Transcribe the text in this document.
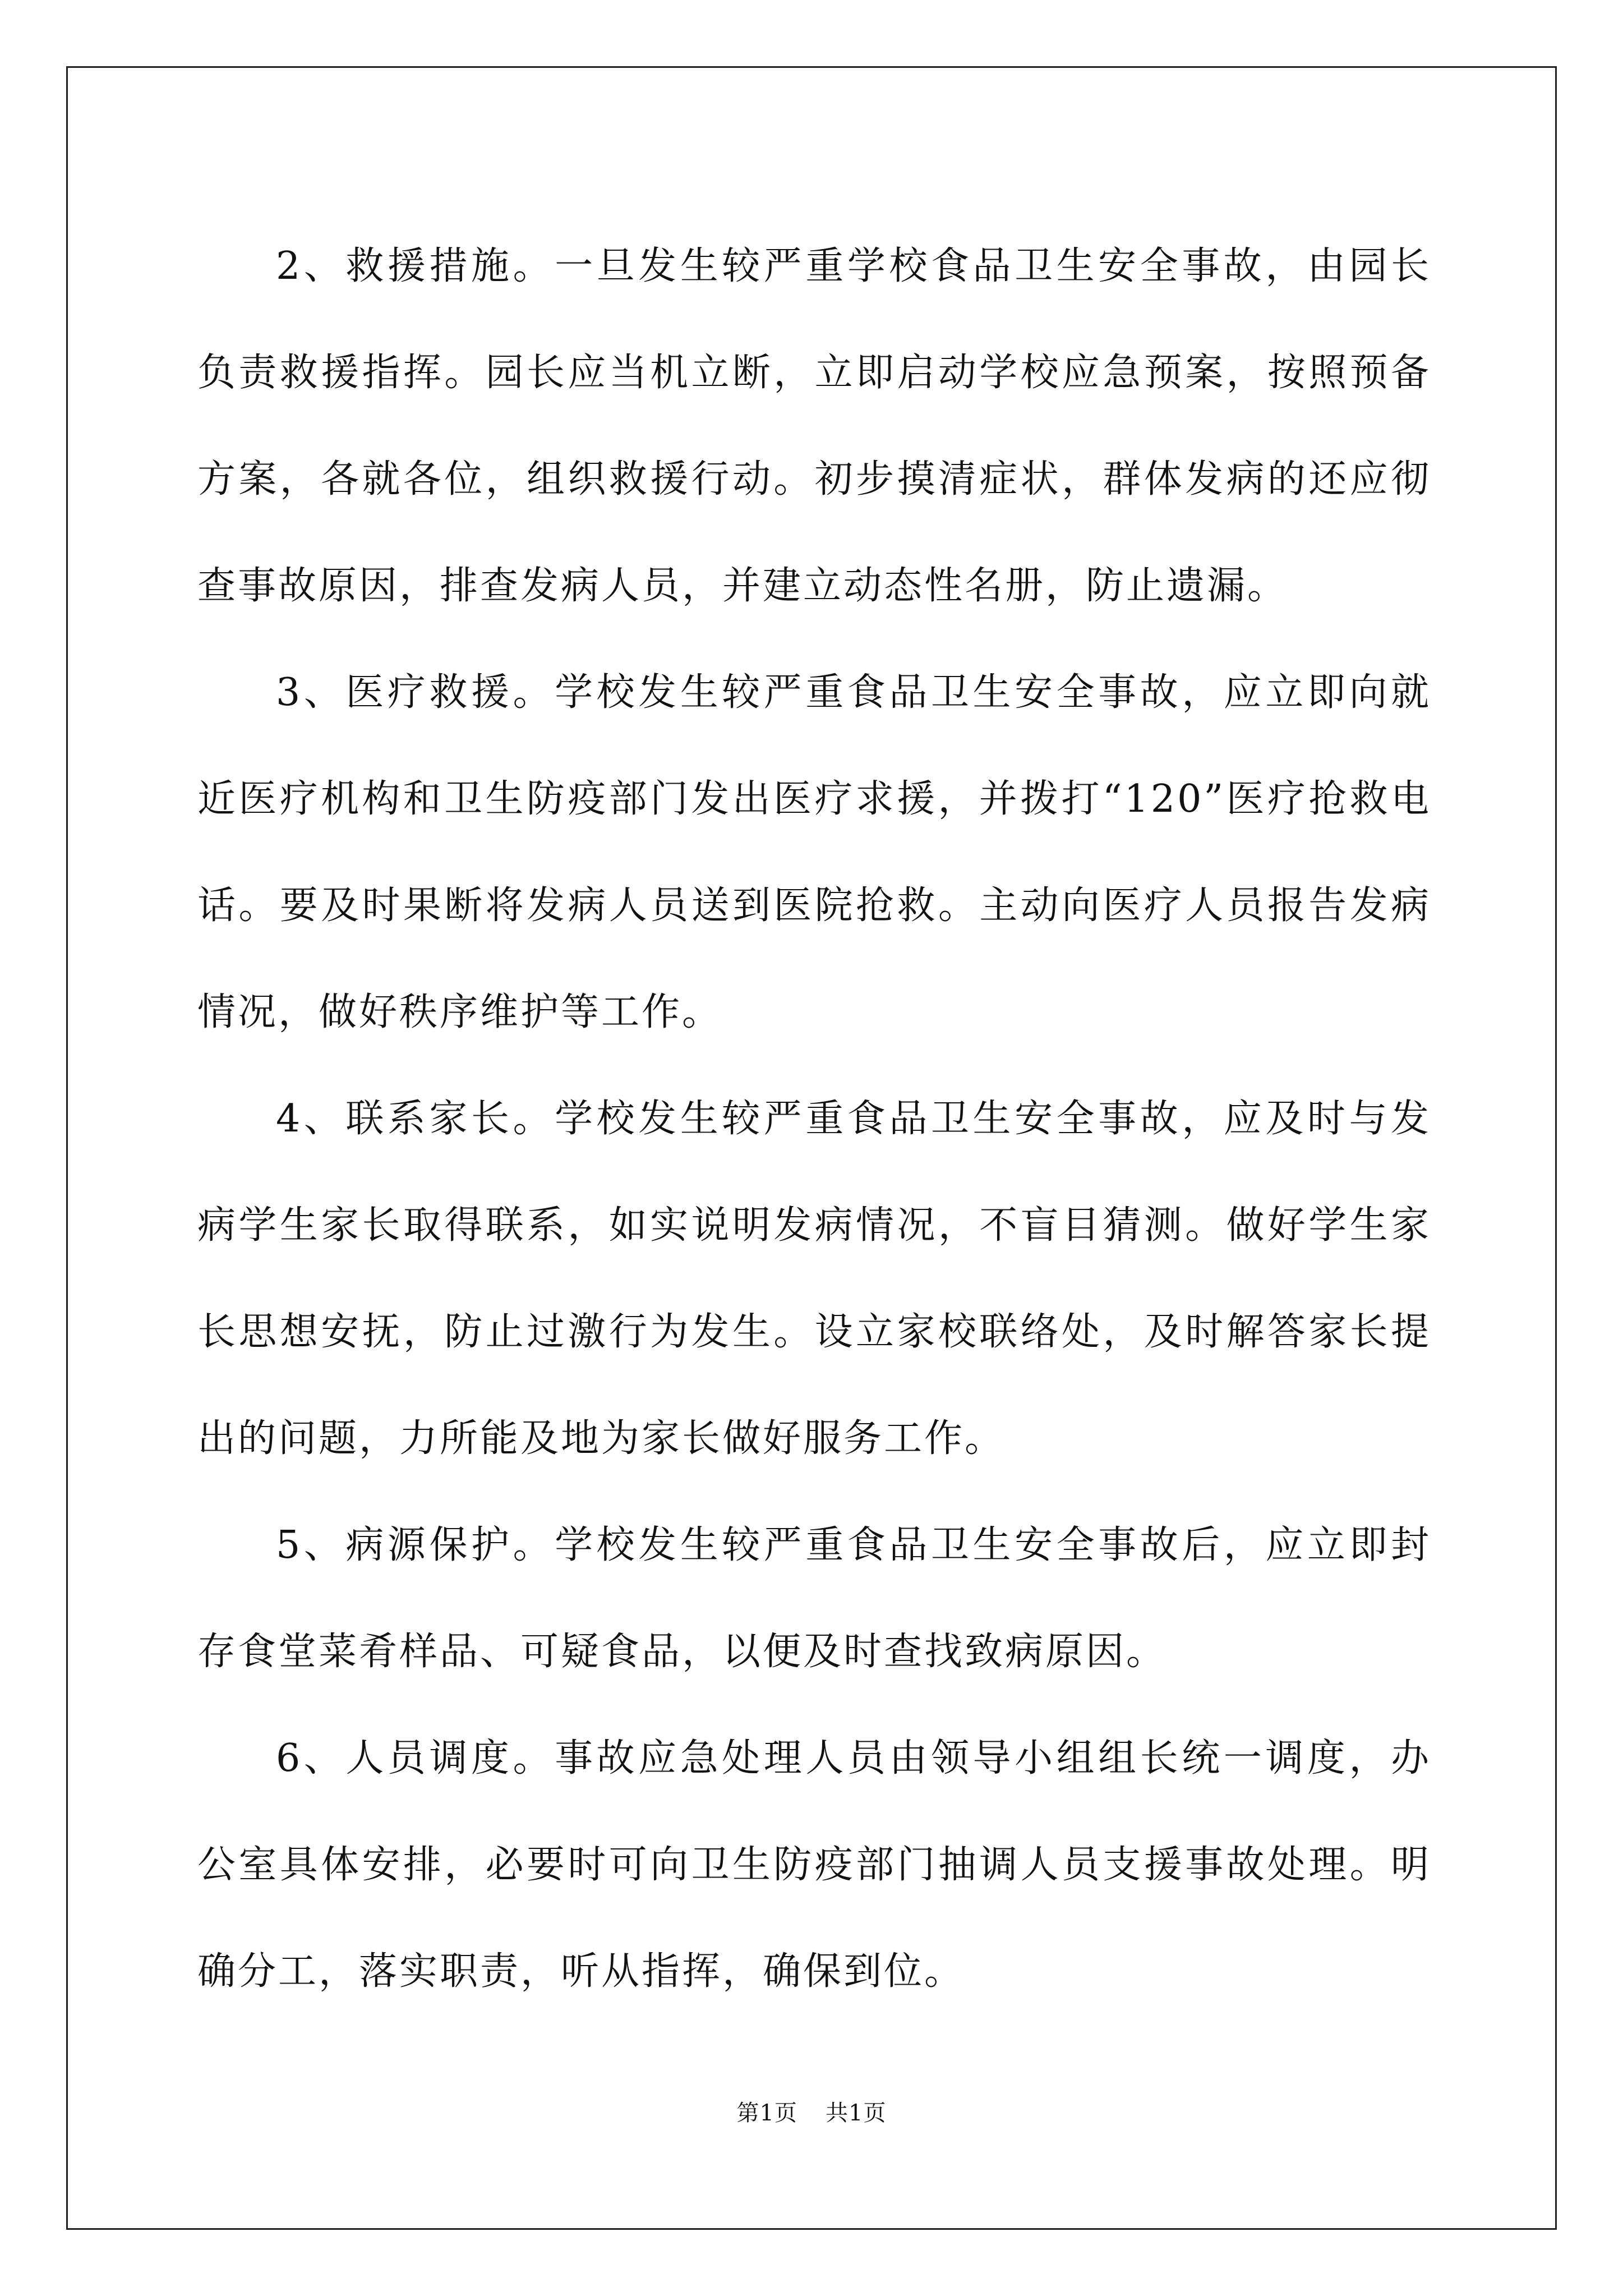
2、救援措施。一旦发生较严重学校食品卫生安全事故，由园长负责救援指挥。园长应当机立断，立即启动学校应急预案，按照预备方案，各就各位，组织救援行动。初步摸清症状，群体发病的还应彻查事故原因，排查发病人员，并建立动态性名册，防止遗漏。

3、医疗救援。学校发生较严重食品卫生安全事故，应立即向就近医疗机构和卫生防疫部门发出医疗求援，并拨打“120”医疗抢救电话。要及时果断将发病人员送到医院抢救。主动向医疗人员报告发病情况，做好秩序维护等工作。

4、联系家长。学校发生较严重食品卫生安全事故，应及时与发病学生家长取得联系，如实说明发病情况，不盲目猜测。做好学生家长思想安抚，防止过激行为发生。设立家校联络处，及时解答家长提出的问题，力所能及地为家长做好服务工作。

5、病源保护。学校发生较严重食品卫生安全事故后，应立即封存食堂菜肴样品、可疑食品，以便及时查找致病原因。

6、人员调度。事故应急处理人员由领导小组组长统一调度，办公室具体安排，必要时可向卫生防疫部门抽调人员支援事故处理。明确分工，落实职责，听从指挥，确保到位。

第1页 共1页
